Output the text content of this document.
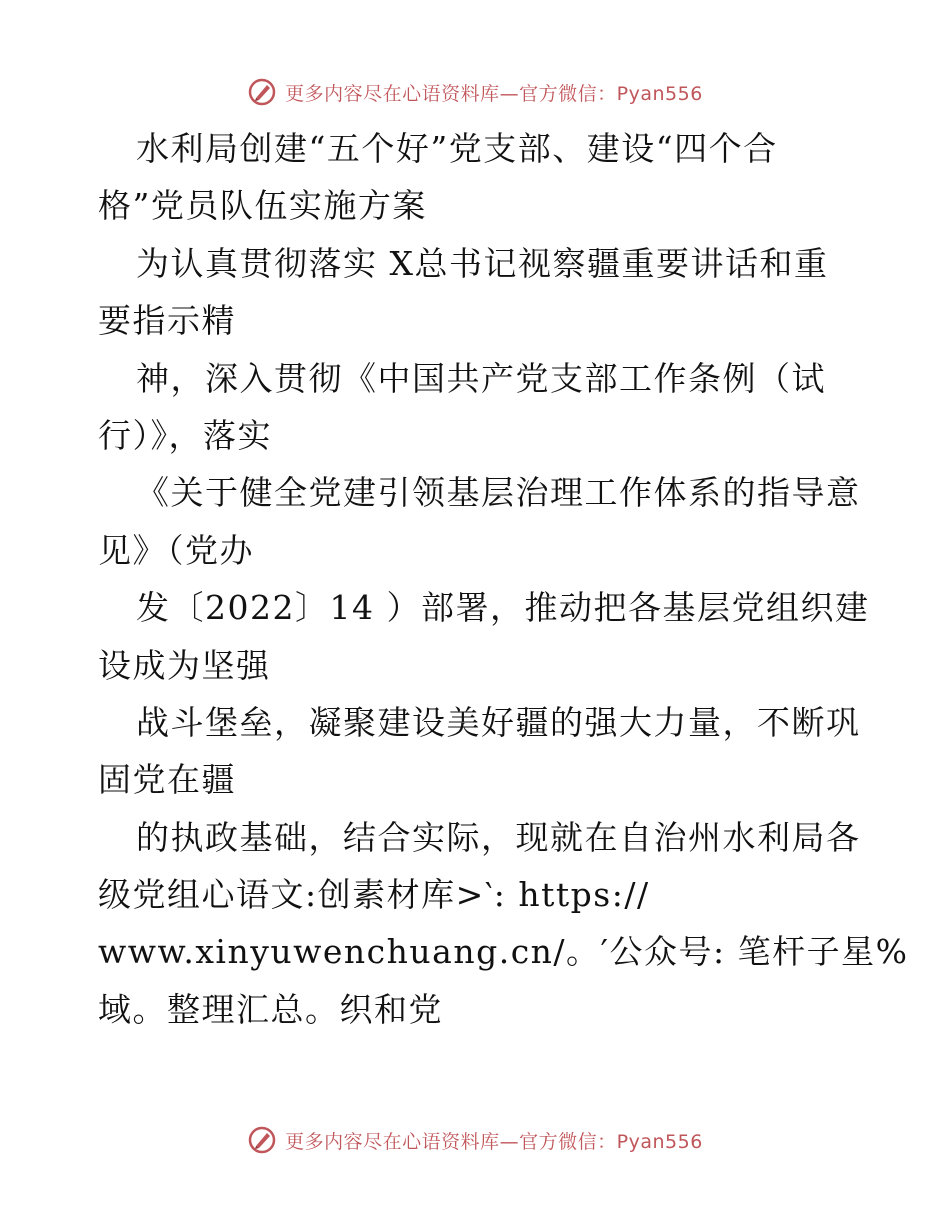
更多内容尽在心语资料库—官方微信：Pyan556
水利局创建“五个好”党支部、建设“四个合
格”党员队伍实施方案
为认真贯彻落实 X总书记视察疆重要讲话和重
要指示精
神，深入贯彻《中国共产党支部工作条例（试
行）》，落实
《关于健全党建引领基层治理工作体系的指导意
见》（党办
发〔2022〕14 ）部署，推动把各基层党组织建
设成为坚强
战斗堡垒，凝聚建设美好疆的强大力量，不断巩
固党在疆
的执政基础，结合实际，现就在自治州水利局各
级党组心语文:创素材库>‵: https://
www.xinyuwenchuang.cn/。′公众号: 笔杆子星%
域。整理汇总。织和党
更多内容尽在心语资料库—官方微信：Pyan556
